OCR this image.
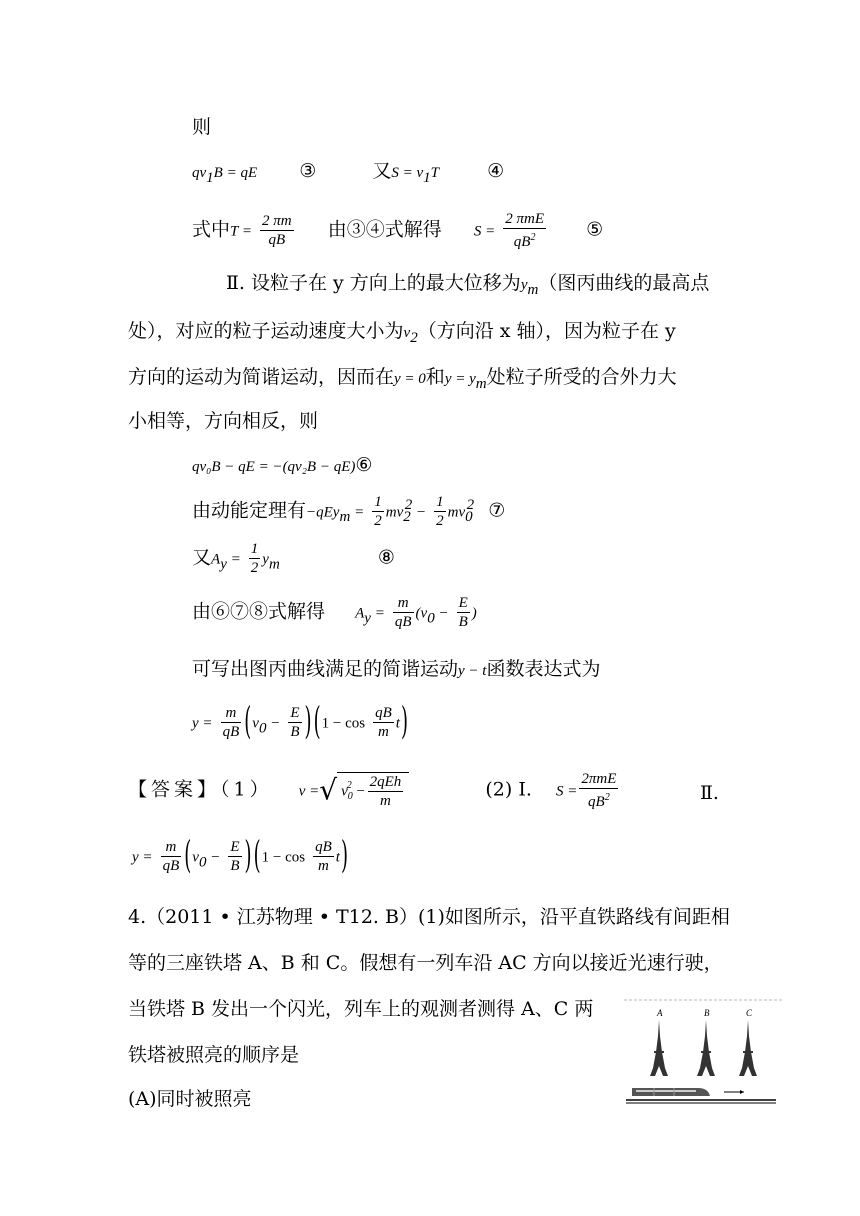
则
$qv_1B$ = qE ③	又$S = v_1T$	④
式中$T = \frac{2 \pi m}{qB}$ 由③④式解得 $S = \frac{\text{2 πmE}}{qB^2}$ ⑤
Ⅱ. 设粒子在 y 方向上的最大位移为$y_m$（图丙曲线的最高点
处），对应的粒子运动速度大小为$v_2$（方向沿 x 轴），因为粒子在 y
方向的运动为简谐运动，因而在y = 0和$y = y_m$处粒子所受的合外力大
小相等，方向相反，则
qv₀B − qE = −(qv₂B − qE)⑥
由动能定理有$-qEy_m = \frac{1}{2} mv_2^2 - \frac{1}{2} mv_0^2$ ⑦
又$A_y = \frac{1}{2} y_m$	⑧
由⑥⑦⑧式解得 $A_y = \frac{m}{qB} (v_0 - \frac{E}{B}$ )
可写出图丙曲线满足的简谐运动y − t函数表达式为
$y = \frac{m}{qB} (v_0 - \frac{E}{B}$ ) $(1 - \cos \frac{qB}{m} t)$
【答案】（1） v =√ $v_0^2 - \frac{\text{2qEh}}{m}$	(2) Ⅰ. $S = \frac{\text{2πmE}}{qB^2}$	Ⅱ.
$y = \frac{m}{qB} (v_0 - \frac{E}{B}$ ) $(1 - \cos \frac{qB}{m} t)$
4.（2011 • 江苏物理 • T12. B）(1)如图所示，沿平直铁路线有间距相
等的三座铁塔 A、B 和 C。假想有一列车沿 AC 方向以接近光速行驶，
当铁塔 B 发出一个闪光，列车上的观测者测得 A、C 两
铁塔被照亮的顺序是
(A)同时被照亮
A	B	C
